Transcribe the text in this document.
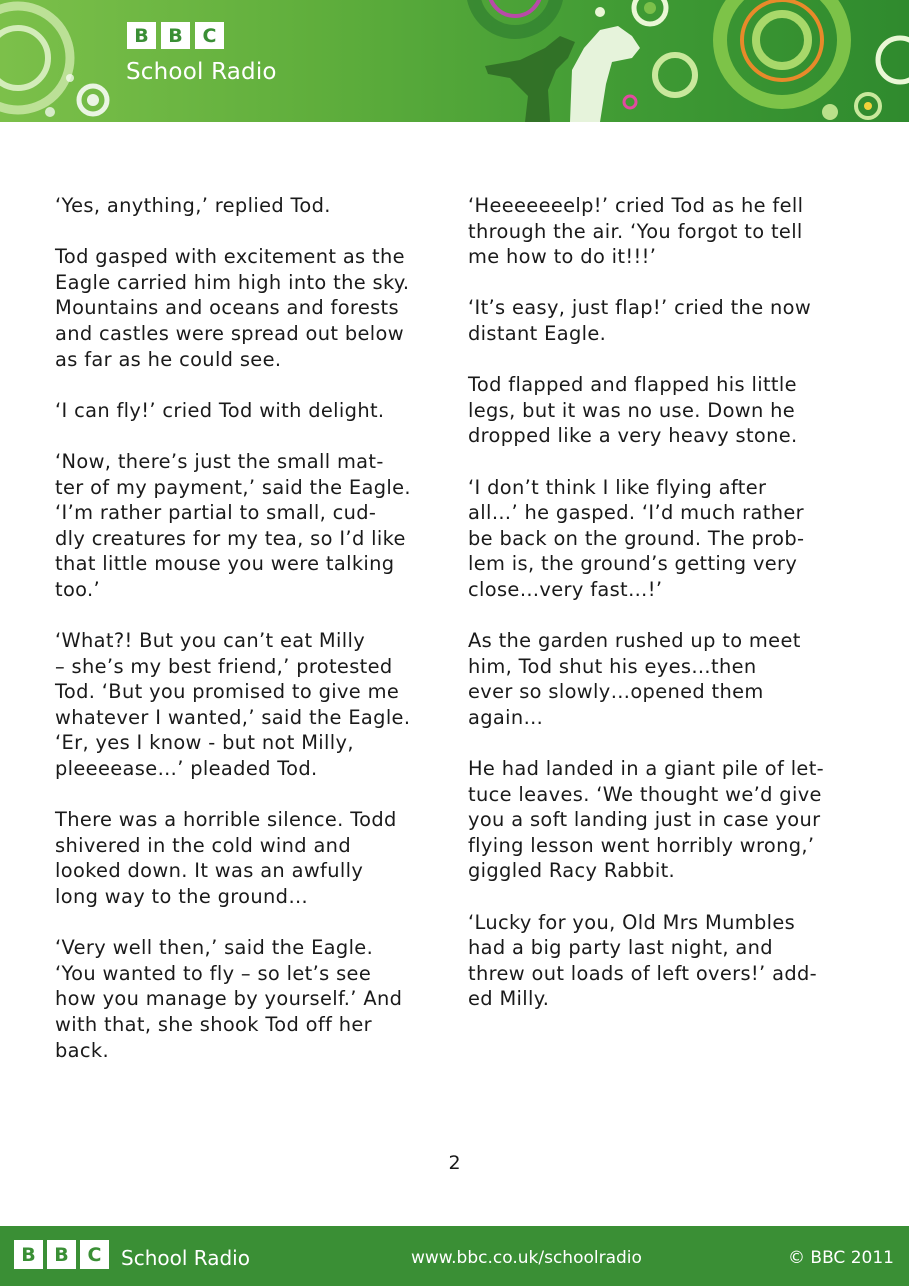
B	B	C
School Radio

‘Yes, anything,’ replied Tod.

Tod gasped with excitement as the
Eagle carried him high into the sky.
Mountains and oceans and forests
and castles were spread out below
as far as he could see.

‘I can fly!’ cried Tod with delight.

‘Now, there’s just the small mat-
ter of my payment,’ said the Eagle.
‘I’m rather partial to small, cud-
dly creatures for my tea, so I’d like
that little mouse you were talking
too.’

‘What?! But you can’t eat Milly
– she’s my best friend,’ protested
Tod. ‘But you promised to give me
whatever I wanted,’ said the Eagle.
‘Er, yes I know - but not Milly,
pleeeease…’ pleaded Tod.

There was a horrible silence. Todd
shivered in the cold wind and
looked down. It was an awfully
long way to the ground…

‘Very well then,’ said the Eagle.
‘You wanted to fly – so let’s see
how you manage by yourself.’ And
with that, she shook Tod off her
back.

‘Heeeeeeelp!’ cried Tod as he fell
through the air. ‘You forgot to tell
me how to do it!!!’

‘It’s easy, just flap!’ cried the now
distant Eagle.

Tod flapped and flapped his little
legs, but it was no use. Down he
dropped like a very heavy stone.

‘I don’t think I like flying after
all…’ he gasped. ‘I’d much rather
be back on the ground. The prob-
lem is, the ground’s getting very
close…very fast…!’

As the garden rushed up to meet
him, Tod shut his eyes…then
ever so slowly…opened them
again…

He had landed in a giant pile of let-
tuce leaves. ‘We thought we’d give
you a soft landing just in case your
flying lesson went horribly wrong,’
giggled Racy Rabbit.

‘Lucky for you, Old Mrs Mumbles
had a big party last night, and
threw out loads of left overs!’ add-
ed Milly.

2
B B C School Radio	www.bbc.co.uk/schoolradio	© BBC 2011
